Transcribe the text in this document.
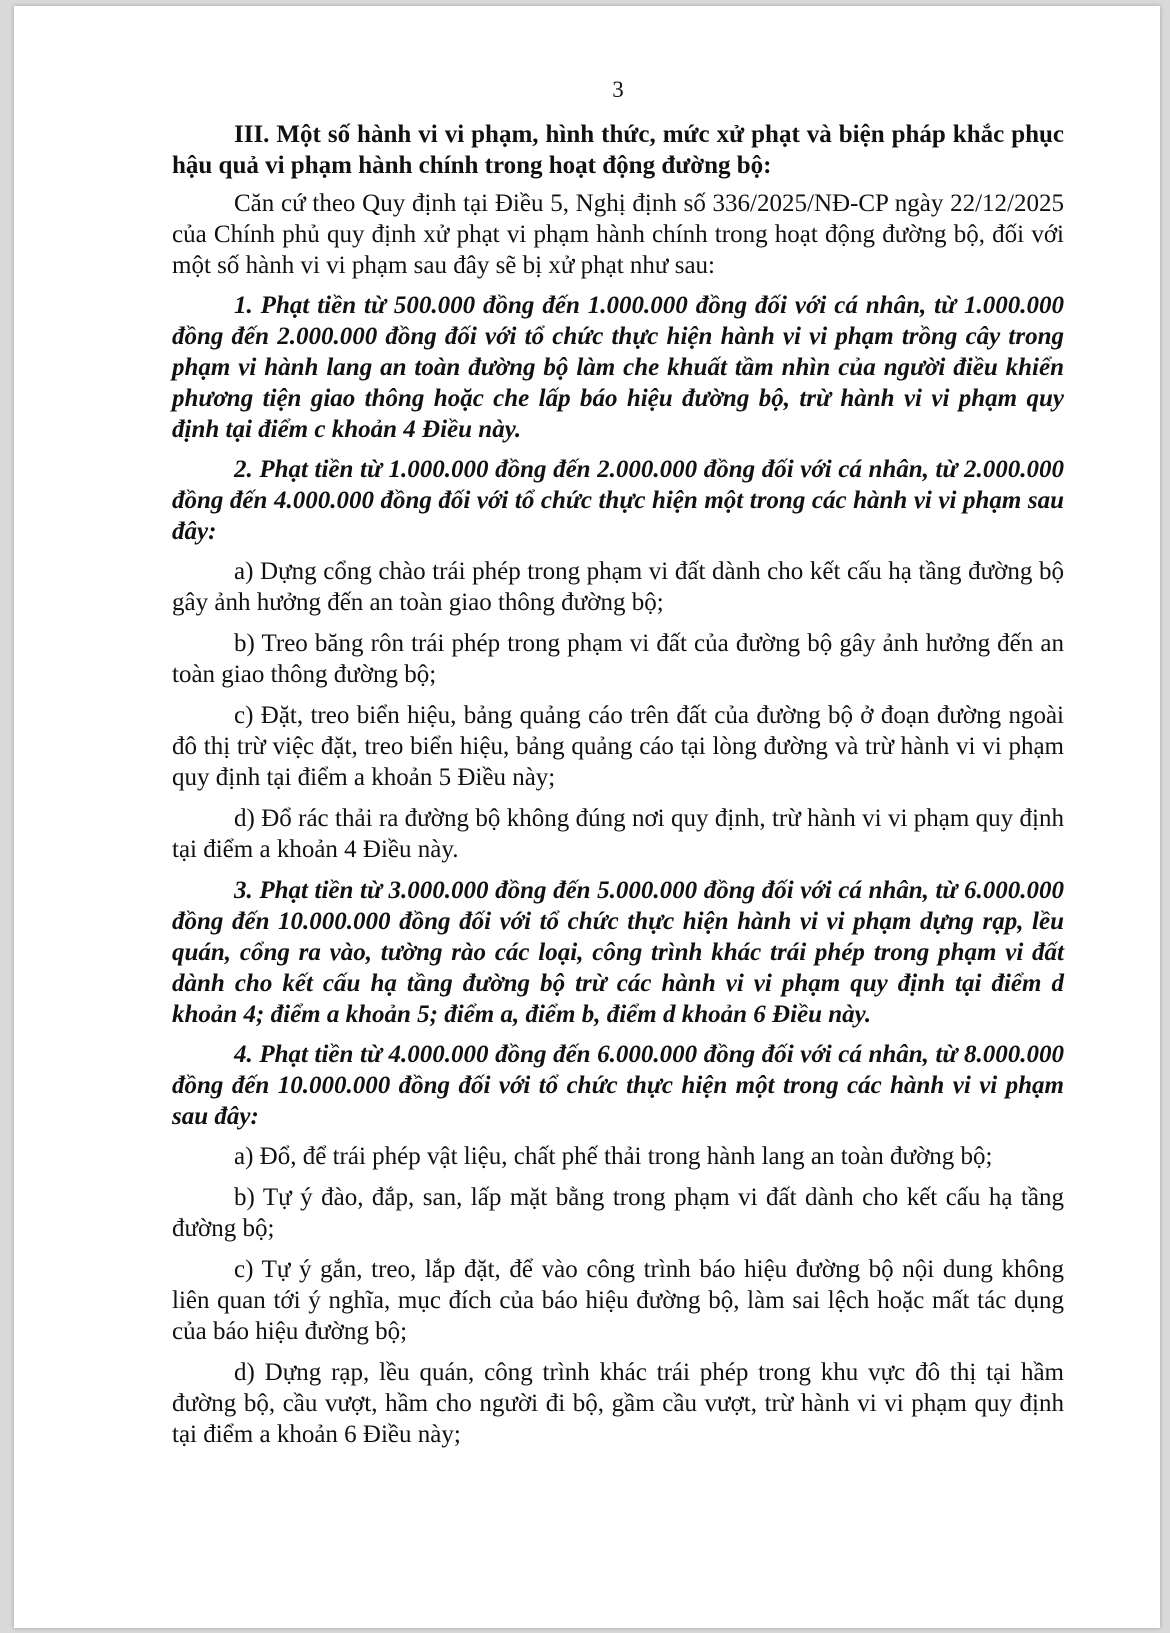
3

III. Một số hành vi vi phạm, hình thức, mức xử phạt và biện pháp khắc phục hậu quả vi phạm hành chính trong hoạt động đường bộ:

Căn cứ theo Quy định tại Điều 5, Nghị định số 336/2025/NĐ-CP ngày 22/12/2025 của Chính phủ quy định xử phạt vi phạm hành chính trong hoạt động đường bộ, đối với một số hành vi vi phạm sau đây sẽ bị xử phạt như sau:

1. Phạt tiền từ 500.000 đồng đến 1.000.000 đồng đối với cá nhân, từ 1.000.000 đồng đến 2.000.000 đồng đối với tổ chức thực hiện hành vi vi phạm trồng cây trong phạm vi hành lang an toàn đường bộ làm che khuất tầm nhìn của người điều khiển phương tiện giao thông hoặc che lấp báo hiệu đường bộ, trừ hành vi vi phạm quy định tại điểm c khoản 4 Điều này.

2. Phạt tiền từ 1.000.000 đồng đến 2.000.000 đồng đối với cá nhân, từ 2.000.000 đồng đến 4.000.000 đồng đối với tổ chức thực hiện một trong các hành vi vi phạm sau đây:

a) Dựng cổng chào trái phép trong phạm vi đất dành cho kết cấu hạ tầng đường bộ gây ảnh hưởng đến an toàn giao thông đường bộ;

b) Treo băng rôn trái phép trong phạm vi đất của đường bộ gây ảnh hưởng đến an toàn giao thông đường bộ;

c) Đặt, treo biển hiệu, bảng quảng cáo trên đất của đường bộ ở đoạn đường ngoài đô thị trừ việc đặt, treo biển hiệu, bảng quảng cáo tại lòng đường và trừ hành vi vi phạm quy định tại điểm a khoản 5 Điều này;

d) Đổ rác thải ra đường bộ không đúng nơi quy định, trừ hành vi vi phạm quy định tại điểm a khoản 4 Điều này.

3. Phạt tiền từ 3.000.000 đồng đến 5.000.000 đồng đối với cá nhân, từ 6.000.000 đồng đến 10.000.000 đồng đối với tổ chức thực hiện hành vi vi phạm dựng rạp, lều quán, cổng ra vào, tường rào các loại, công trình khác trái phép trong phạm vi đất dành cho kết cấu hạ tầng đường bộ trừ các hành vi vi phạm quy định tại điểm d khoản 4; điểm a khoản 5; điểm a, điểm b, điểm d khoản 6 Điều này.

4. Phạt tiền từ 4.000.000 đồng đến 6.000.000 đồng đối với cá nhân, từ 8.000.000 đồng đến 10.000.000 đồng đối với tổ chức thực hiện một trong các hành vi vi phạm sau đây:

a) Đổ, để trái phép vật liệu, chất phế thải trong hành lang an toàn đường bộ;

b) Tự ý đào, đắp, san, lấp mặt bằng trong phạm vi đất dành cho kết cấu hạ tầng đường bộ;

c) Tự ý gắn, treo, lắp đặt, để vào công trình báo hiệu đường bộ nội dung không liên quan tới ý nghĩa, mục đích của báo hiệu đường bộ, làm sai lệch hoặc mất tác dụng của báo hiệu đường bộ;

d) Dựng rạp, lều quán, công trình khác trái phép trong khu vực đô thị tại hầm đường bộ, cầu vượt, hầm cho người đi bộ, gầm cầu vượt, trừ hành vi vi phạm quy định tại điểm a khoản 6 Điều này;
